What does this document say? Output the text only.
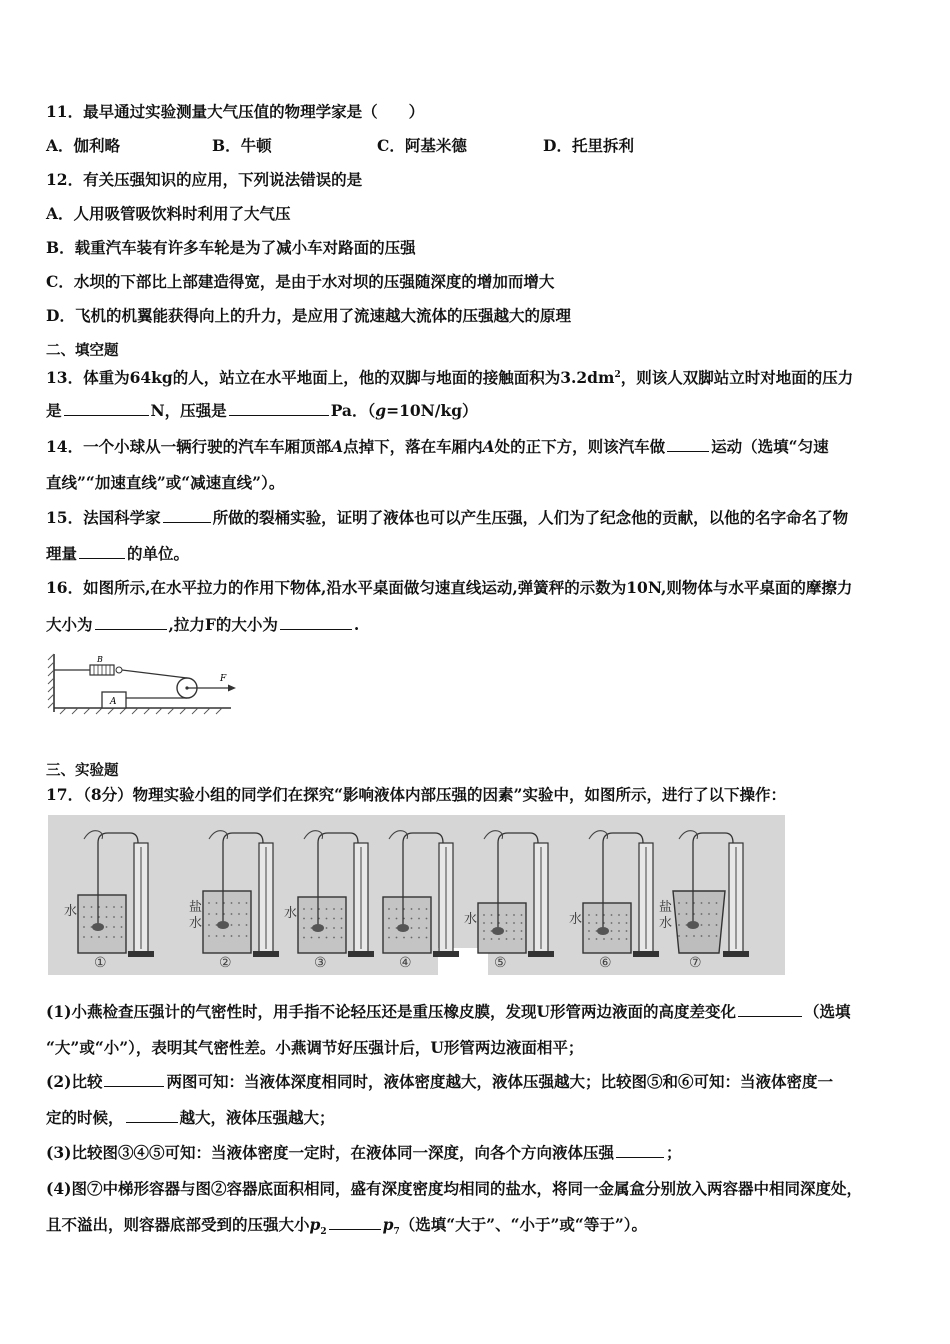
11．最早通过实验测量大气压值的物理学家是（　　）
A．伽利略	B．牛顿	C．阿基米德	D．托里拆利
12．有关压强知识的应用，下列说法错误的是
A．人用吸管吸饮料时利用了大气压
B．载重汽车装有许多车轮是为了减小车对路面的压强
C．水坝的下部比上部建造得宽，是由于水对坝的压强随深度的增加而增大
D．飞机的机翼能获得向上的升力，是应用了流速越大流体的压强越大的原理
二、填空题
13．体重为64kg的人，站立在水平地面上，他的双脚与地面的接触面积为$3.2dm^2$，则该人双脚站立时对地面的压力
是	N，压强是	Pa．（g=10N/kg）
14．一个小球从一辆行驶的汽车车厢顶部A点掉下，落在车厢内A处的正下方，则该汽车做	运动（选填“匀速
直线”“加速直线”或“减速直线”）。
15．法国科学家	所做的裂桶实验，证明了液体也可以产生压强，人们为了纪念他的贡献，以他的名字命名了物
理量	的单位。
16．如图所示,在水平拉力的作用下物体,沿水平桌面做匀速直线运动,弹簧秤的示数为10N,则物体与水平桌面的摩擦力
大小为	,拉力F的大小为	.
B
A
F
三、实验题
17．（8分）物理实验小组的同学们在探究“影响液体内部压强的因素”实验中，如图所示，进行了以下操作：
水
①
盐
水
②
水
③	④
水
⑤
水
⑥
盐
水
⑦
(1)小燕检查压强计的气密性时，用手指不论轻压还是重压橡皮膜，发现U形管两边液面的高度差变化	（选填
“大”或“小”），表明其气密性差。小燕调节好压强计后，U形管两边液面相平；
(2)比较	两图可知：当液体深度相同时，液体密度越大，液体压强越大；比较图⑤和⑥可知：当液体密度一
定的时候，	越大，液体压强越大；
(3)比较图③④⑤可知：当液体密度一定时，在液体同一深度，向各个方向液体压强	；
(4)图⑦中梯形容器与图②容器底面积相同，盛有深度密度均相同的盐水，将同一金属盒分别放入两容器中相同深度处，
且不溢出，则容器底部受到的压强大小$p_2$	$p_7$（选填“大于”、“小于”或“等于”）。
